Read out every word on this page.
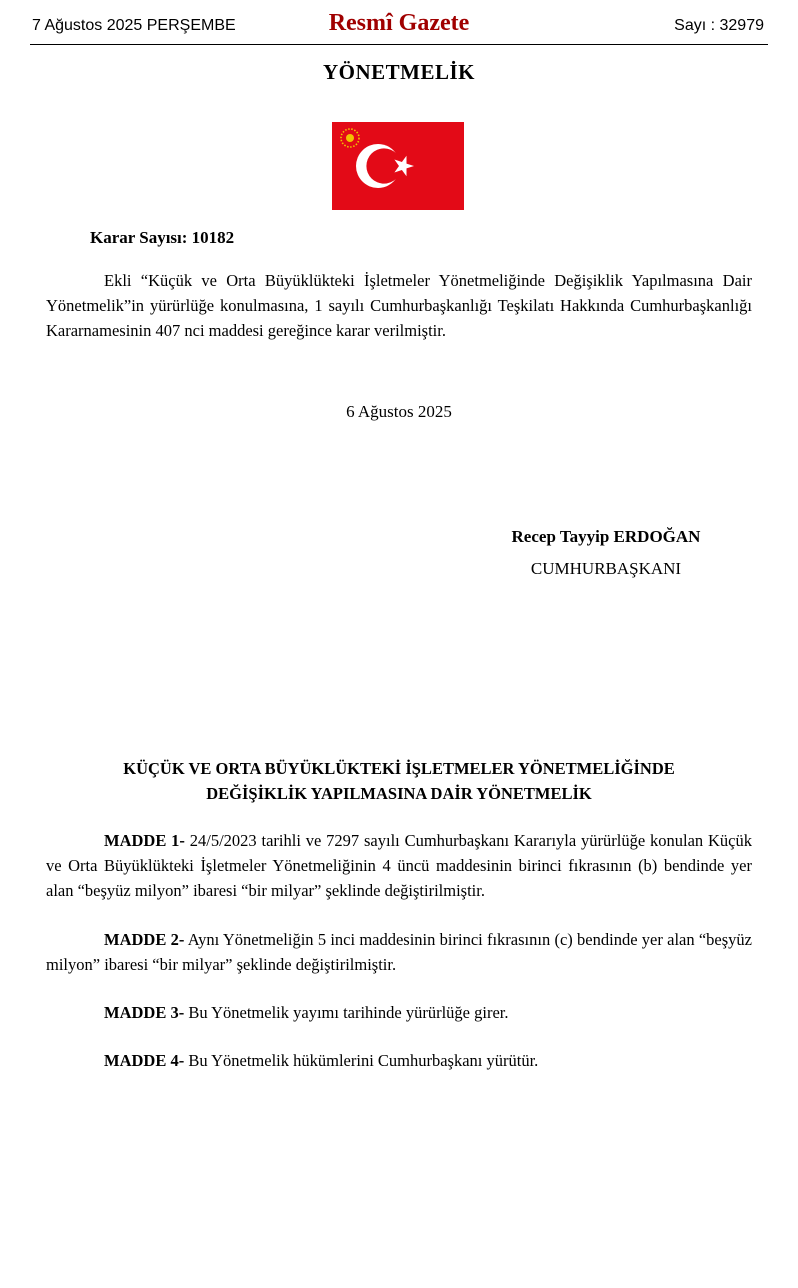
7 Ağustos 2025 PERŞEMBE	Resmî Gazete	Sayı : 32979
YÖNETMELİK
Karar Sayısı: 10182

Ekli “Küçük ve Orta Büyüklükteki İşletmeler Yönetmeliğinde Değişiklik Yapılmasına Dair Yönetmelik”in yürürlüğe konulmasına, 1 sayılı Cumhurbaşkanlığı Teşkilatı Hakkında Cumhurbaşkanlığı Kararnamesinin 407 nci maddesi gereğince karar verilmiştir.

6 Ağustos 2025
Recep Tayyip ERDOĞAN
CUMHURBAŞKANI
KÜÇÜK VE ORTA BÜYÜKLÜKTEKİ İŞLETMELER YÖNETMELİĞİNDE
DEĞİŞİKLİK YAPILMASINA DAİR YÖNETMELİK

MADDE 1- 24/5/2023 tarihli ve 7297 sayılı Cumhurbaşkanı Kararıyla yürürlüğe konulan Küçük ve Orta Büyüklükteki İşletmeler Yönetmeliğinin 4 üncü maddesinin birinci fıkrasının (b) bendinde yer alan “beşyüz milyon” ibaresi “bir milyar” şeklinde değiştirilmiştir.

MADDE 2- Aynı Yönetmeliğin 5 inci maddesinin birinci fıkrasının (c) bendinde yer alan “beşyüz milyon” ibaresi “bir milyar” şeklinde değiştirilmiştir.

MADDE 3- Bu Yönetmelik yayımı tarihinde yürürlüğe girer.

MADDE 4- Bu Yönetmelik hükümlerini Cumhurbaşkanı yürütür.
